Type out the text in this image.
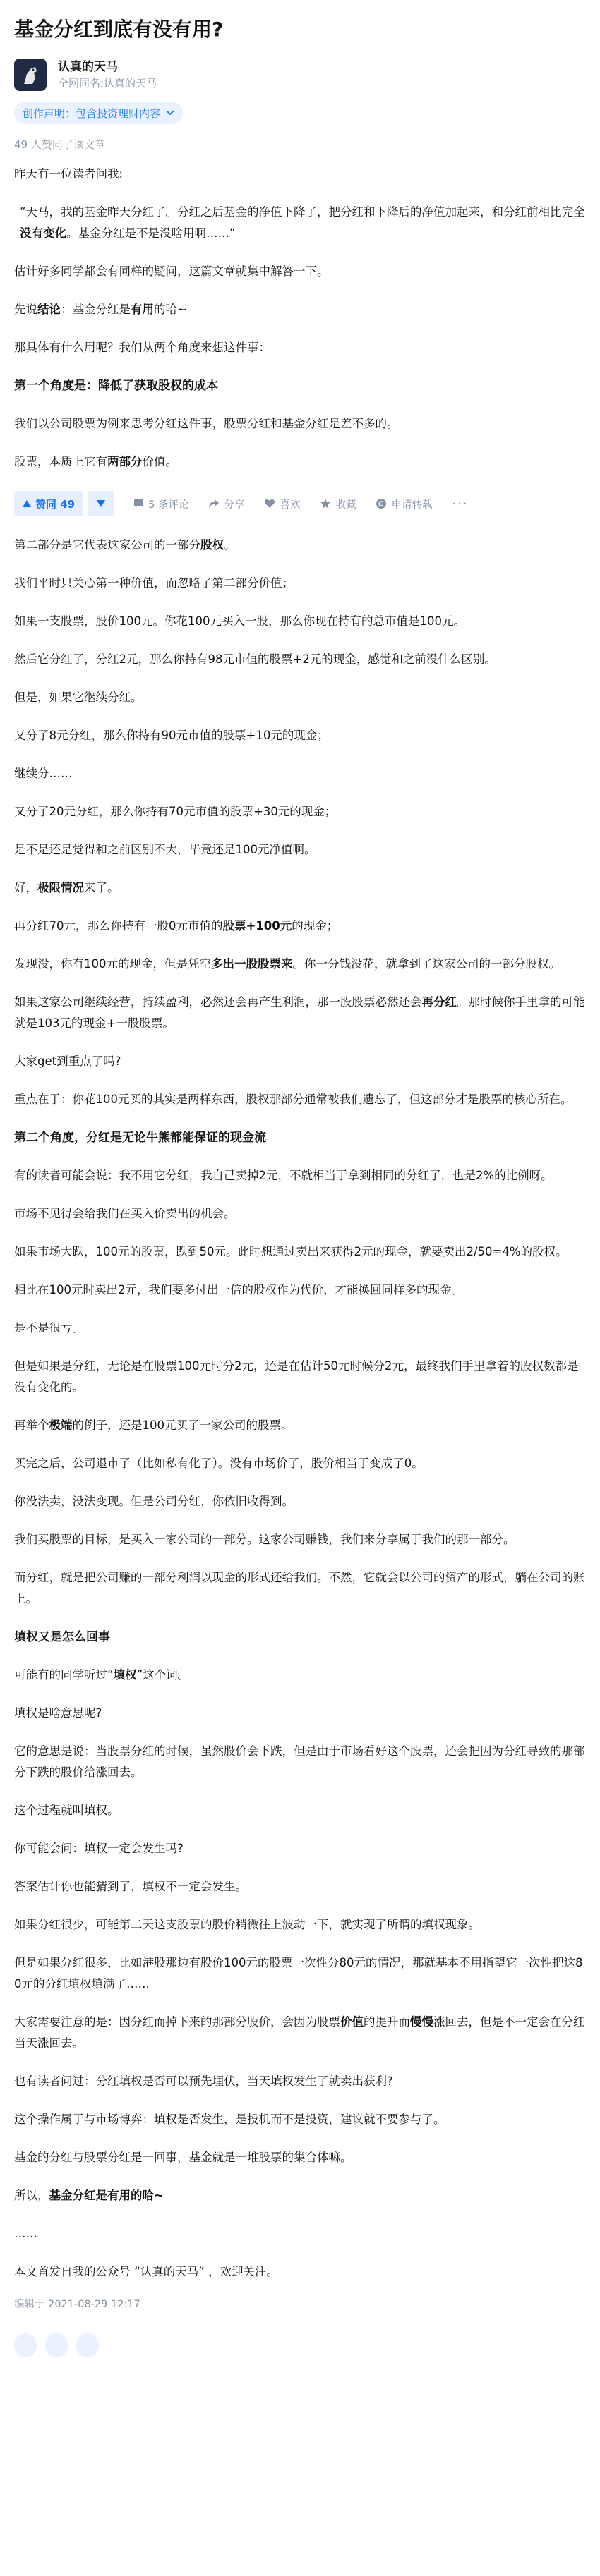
基金分红到底有没有用?
认真的天马
全网同名:认真的天马
创作声明：包含投资理财内容
49 人赞同了该文章

昨天有一位读者问我:

“天马，我的基金昨天分红了。分红之后基金的净值下降了，把分红和下降后的净值加起来，和分红前相比完全没有变化。基金分红是不是没啥用啊……”

估计好多同学都会有同样的疑问，这篇文章就集中解答一下。

先说结论：基金分红是有用的哈~

那具体有什么用呢？我们从两个角度来想这件事：

第一个角度是：降低了获取股权的成本

我们以公司股票为例来思考分红这件事，股票分红和基金分红是差不多的。

股票，本质上它有两部分价值。

赞同 49	5 条评论	分享	喜欢	收藏	申请转载 ···

第二部分是它代表这家公司的一部分股权。

我们平时只关心第一种价值，而忽略了第二部分价值；

如果一支股票，股价100元。你花100元买入一股，那么你现在持有的总市值是100元。

然后它分红了，分红2元，那么你持有98元市值的股票+2元的现金，感觉和之前没什么区别。

但是，如果它继续分红。

又分了8元分红，那么你持有90元市值的股票+10元的现金；

继续分……

又分了20元分红，那么你持有70元市值的股票+30元的现金；

是不是还是觉得和之前区别不大，毕竟还是100元净值啊。

好，极限情况来了。

再分红70元，那么你持有一股0元市值的股票+100元的现金；

发现没，你有100元的现金，但是凭空多出一股股票来。你一分钱没花，就拿到了这家公司的一部分股权。

如果这家公司继续经营，持续盈利，必然还会再产生利润，那一股股票必然还会再分红。那时候你手里拿的可能就是103元的现金+一股股票。

大家get到重点了吗?

重点在于：你花100元买的其实是两样东西，股权那部分通常被我们遗忘了，但这部分才是股票的核心所在。

第二个角度，分红是无论牛熊都能保证的现金流

有的读者可能会说：我不用它分红，我自己卖掉2元，不就相当于拿到相同的分红了，也是2%的比例呀。

市场不见得会给我们在买入价卖出的机会。

如果市场大跌，100元的股票，跌到50元。此时想通过卖出来获得2元的现金，就要卖出2/50=4%的股权。

相比在100元时卖出2元，我们要多付出一倍的股权作为代价，才能换回同样多的现金。

是不是很亏。

但是如果是分红，无论是在股票100元时分2元，还是在估计50元时候分2元，最终我们手里拿着的股权数都是没有变化的。

再举个极端的例子，还是100元买了一家公司的股票。

买完之后，公司退市了（比如私有化了）。没有市场价了，股价相当于变成了0。

你没法卖，没法变现。但是公司分红，你依旧收得到。

我们买股票的目标，是买入一家公司的一部分。这家公司赚钱，我们来分享属于我们的那一部分。

而分红，就是把公司赚的一部分利润以现金的形式还给我们。不然，它就会以公司的资产的形式，躺在公司的账上。

填权又是怎么回事

可能有的同学听过“填权”这个词。

填权是啥意思呢?

它的意思是说：当股票分红的时候，虽然股价会下跌，但是由于市场看好这个股票，还会把因为分红导致的那部分下跌的股价给涨回去。

这个过程就叫填权。

你可能会问：填权一定会发生吗?

答案估计你也能猜到了，填权不一定会发生。

如果分红很少，可能第二天这支股票的股价稍微往上波动一下，就实现了所谓的填权现象。

但是如果分红很多，比如港股那边有股价100元的股票一次性分80元的情况，那就基本不用指望它一次性把这80元的分红填权填满了……

大家需要注意的是：因分红而掉下来的那部分股价，会因为股票价值的提升而慢慢涨回去，但是不一定会在分红当天涨回去。

也有读者问过：分红填权是否可以预先埋伏，当天填权发生了就卖出获利?

这个操作属于与市场博弈：填权是否发生，是投机而不是投资，建议就不要参与了。

基金的分红与股票分红是一回事，基金就是一堆股票的集合体嘛。

所以，基金分红是有用的哈~

……

本文首发自我的公众号 “认真的天马” ，欢迎关注。

编辑于 2021-08-29 12:17
